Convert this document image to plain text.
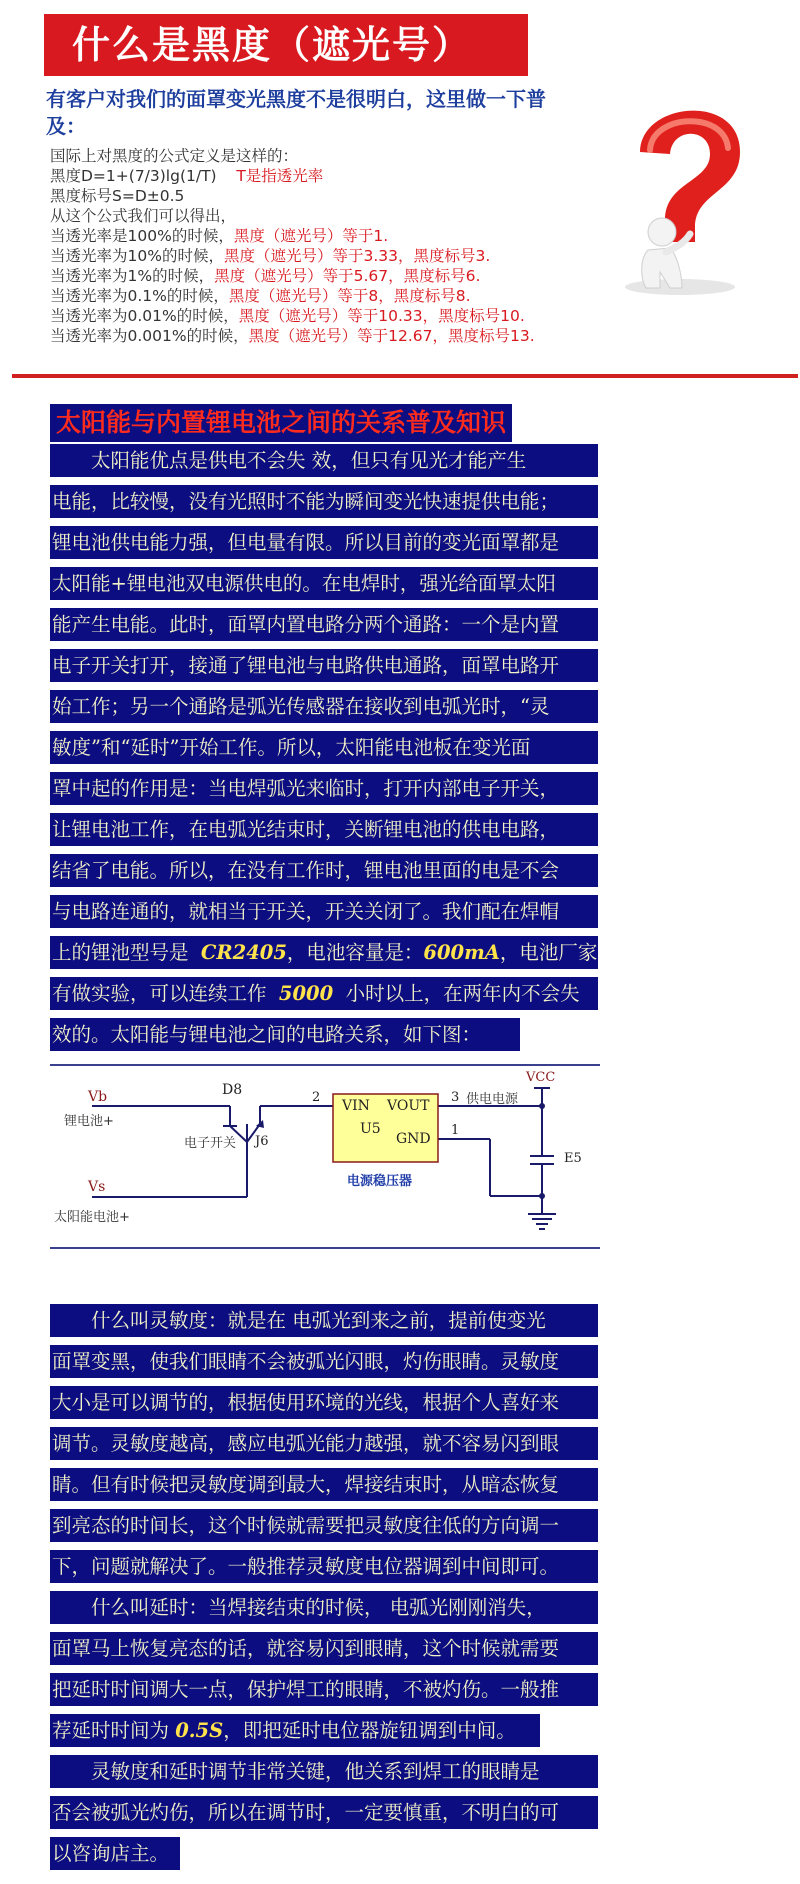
什么是黑度（遮光号）
有客户对我们的面罩变光黑度不是很明白，这里做一下普及：
国际上对黑度的公式定义是这样的：
黑度D=1+(7/3)lg(1/T)    T是指透光率
黑度标号S=D±0.5
从这个公式我们可以得出，
当透光率是100%的时候，黑度（遮光号）等于1.
当透光率为10%的时候，黑度（遮光号）等于3.33，黑度标号3.
当透光率为1%的时候，黑度（遮光号）等于5.67，黑度标号6.
当透光率为0.1%的时候，黑度（遮光号）等于8，黑度标号8.
当透光率为0.01%的时候，黑度（遮光号）等于10.33，黑度标号10.
当透光率为0.001%的时候，黑度（遮光号）等于12.67，黑度标号13.
太阳能与内置锂电池之间的关系普及知识
　　太阳能优点是供电不会失 效，但只有见光才能产生
电能，比较慢，没有光照时不能为瞬间变光快速提供电能；
锂电池供电能力强，但电量有限。所以目前的变光面罩都是
太阳能+锂电池双电源供电的。在电焊时，强光给面罩太阳
能产生电能。此时，面罩内置电路分两个通路：一个是内置
电子开关打开，接通了锂电池与电路供电通路，面罩电路开
始工作；另一个通路是弧光传感器在接收到电弧光时，“灵
敏度”和“延时”开始工作。所以，太阳能电池板在变光面
罩中起的作用是：当电焊弧光来临时，打开内部电子开关，
让锂电池工作，在电弧光结束时，关断锂电池的供电电路，
结省了电能。所以，在没有工作时，锂电池里面的电是不会
与电路连通的，就相当于开关，开关关闭了。我们配在焊帽
上的锂池型号是  CR2405，电池容量是：600mA，电池厂家
有做实验，可以连续工作  5000  小时以上，在两年内不会失
效的。太阳能与锂电池之间的电路关系，如下图：
Vb
锂电池+
Vs
太阳能电池+
D8
电子开关 J6
2
VIN VOUT
U5
GND
3
1
电源稳压器
供电电源
VCC
E5
　　什么叫灵敏度：就是在 电弧光到来之前，提前使变光
面罩变黑，使我们眼睛不会被弧光闪眼，灼伤眼睛。灵敏度
大小是可以调节的，根据使用环境的光线，根据个人喜好来
调节。灵敏度越高，感应电弧光能力越强，就不容易闪到眼
睛。但有时候把灵敏度调到最大，焊接结束时，从暗态恢复
到亮态的时间长，这个时候就需要把灵敏度往低的方向调一
下，问题就解决了。一般推荐灵敏度电位器调到中间即可。
　　什么叫延时：当焊接结束的时候， 电弧光刚刚消失，
面罩马上恢复亮态的话，就容易闪到眼睛，这个时候就需要
把延时时间调大一点，保护焊工的眼睛，不被灼伤。一般推
荐延时时间为 0.5S，即把延时电位器旋钮调到中间。
　　灵敏度和延时调节非常关键，他关系到焊工的眼睛是
否会被弧光灼伤，所以在调节时，一定要慎重，不明白的可
以咨询店主。
